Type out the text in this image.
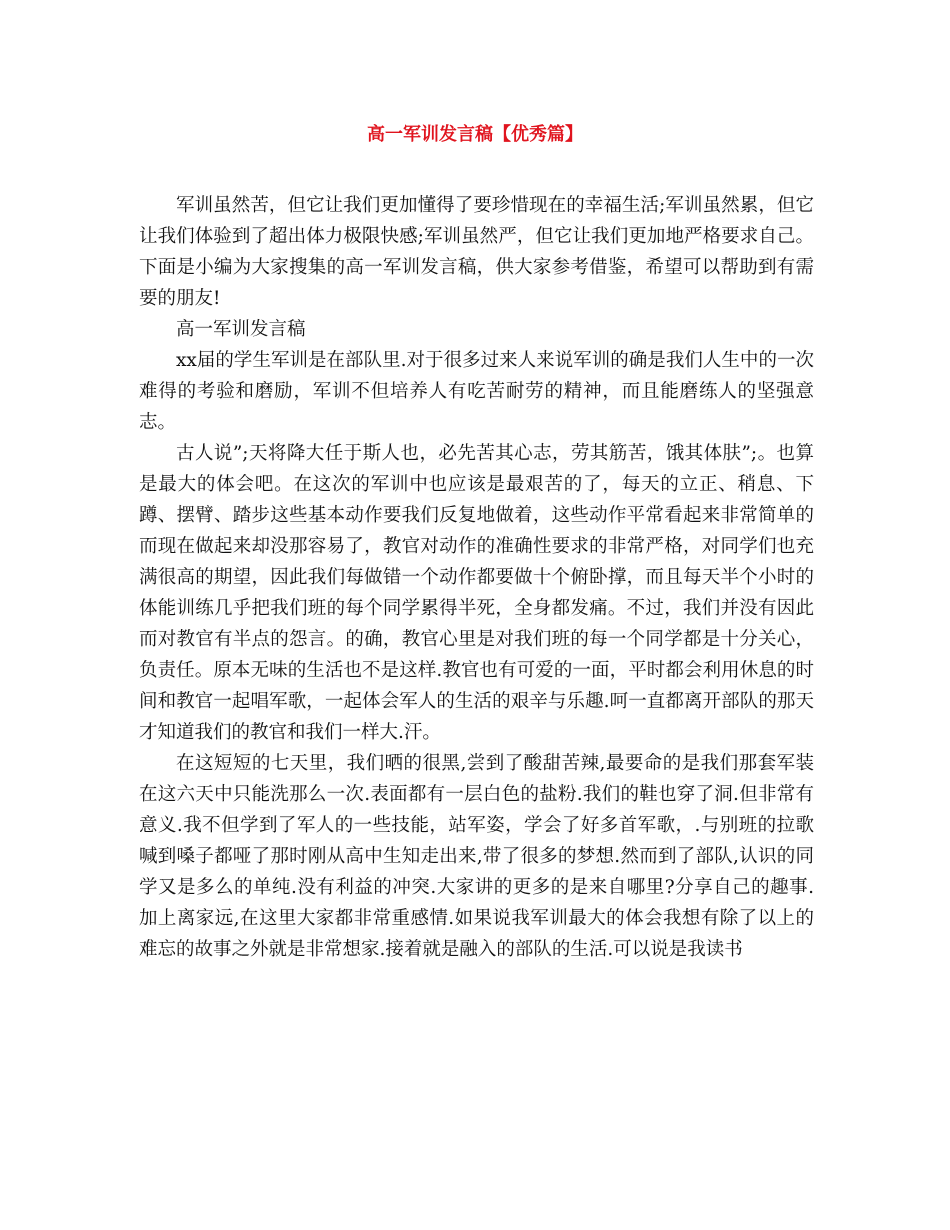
高一军训发言稿【优秀篇】

军训虽然苦，但它让我们更加懂得了要珍惜现在的幸福生活;军训虽然累，但它让我们体验到了超出体力极限快感;军训虽然严，但它让我们更加地严格要求自己。下面是小编为大家搜集的高一军训发言稿，供大家参考借鉴，希望可以帮助到有需要的朋友!

高一军训发言稿

xx届的学生军训是在部队里.对于很多过来人来说军训的确是我们人生中的一次难得的考验和磨励，军训不但培养人有吃苦耐劳的精神，而且能磨练人的坚强意志。

古人说”;天将降大任于斯人也，必先苦其心志，劳其筋苦，饿其体肤”;。也算是最大的体会吧。在这次的军训中也应该是最艰苦的了，每天的立正、稍息、下蹲、摆臂、踏步这些基本动作要我们反复地做着，这些动作平常看起来非常简单的而现在做起来却没那容易了，教官对动作的准确性要求的非常严格，对同学们也充满很高的期望，因此我们每做错一个动作都要做十个俯卧撑，而且每天半个小时的体能训练几乎把我们班的每个同学累得半死，全身都发痛。不过，我们并没有因此而对教官有半点的怨言。的确，教官心里是对我们班的每一个同学都是十分关心，负责任。原本无味的生活也不是这样.教官也有可爱的一面，平时都会利用休息的时间和教官一起唱军歌，一起体会军人的生活的艰辛与乐趣.呵一直都离开部队的那天才知道我们的教官和我们一样大.汗。

在这短短的七天里，我们晒的很黑,尝到了酸甜苦辣,最要命的是我们那套军装在这六天中只能洗那么一次.表面都有一层白色的盐粉.我们的鞋也穿了洞.但非常有意义.我不但学到了军人的一些技能，站军姿，学会了好多首军歌，.与别班的拉歌喊到嗓子都哑了那时刚从高中生知走出来,带了很多的梦想.然而到了部队,认识的同学又是多么的单纯.没有利益的冲突.大家讲的更多的是来自哪里?分享自己的趣事.加上离家远,在这里大家都非常重感情.如果说我军训最大的体会我想有除了以上的难忘的故事之外就是非常想家.接着就是融入的部队的生活.可以说是我读书
